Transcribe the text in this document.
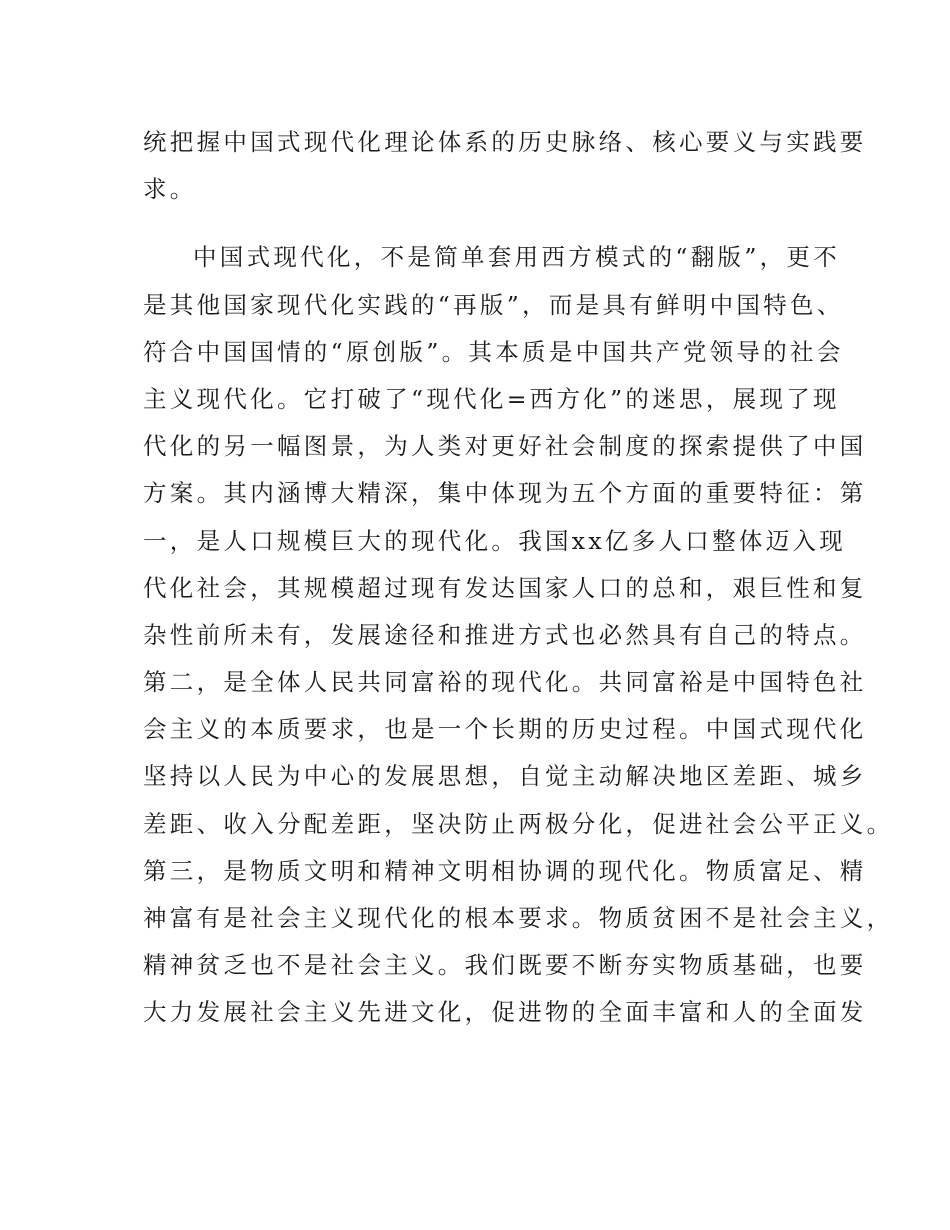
统把握中国式现代化理论体系的历史脉络、核心要义与实践要
求。
中国式现代化，不是简单套用西方模式的“翻版”，更不
是其他国家现代化实践的“再版”，而是具有鲜明中国特色、
符合中国国情的“原创版”。其本质是中国共产党领导的社会
主义现代化。它打破了“现代化=西方化”的迷思，展现了现
代化的另一幅图景，为人类对更好社会制度的探索提供了中国
方案。其内涵博大精深，集中体现为五个方面的重要特征：第
一，是人口规模巨大的现代化。我国xx亿多人口整体迈入现
代化社会，其规模超过现有发达国家人口的总和，艰巨性和复
杂性前所未有，发展途径和推进方式也必然具有自己的特点。
第二，是全体人民共同富裕的现代化。共同富裕是中国特色社
会主义的本质要求，也是一个长期的历史过程。中国式现代化
坚持以人民为中心的发展思想，自觉主动解决地区差距、城乡
差距、收入分配差距，坚决防止两极分化，促进社会公平正义。
第三，是物质文明和精神文明相协调的现代化。物质富足、精
神富有是社会主义现代化的根本要求。物质贫困不是社会主义，
精神贫乏也不是社会主义。我们既要不断夯实物质基础，也要
大力发展社会主义先进文化，促进物的全面丰富和人的全面发
